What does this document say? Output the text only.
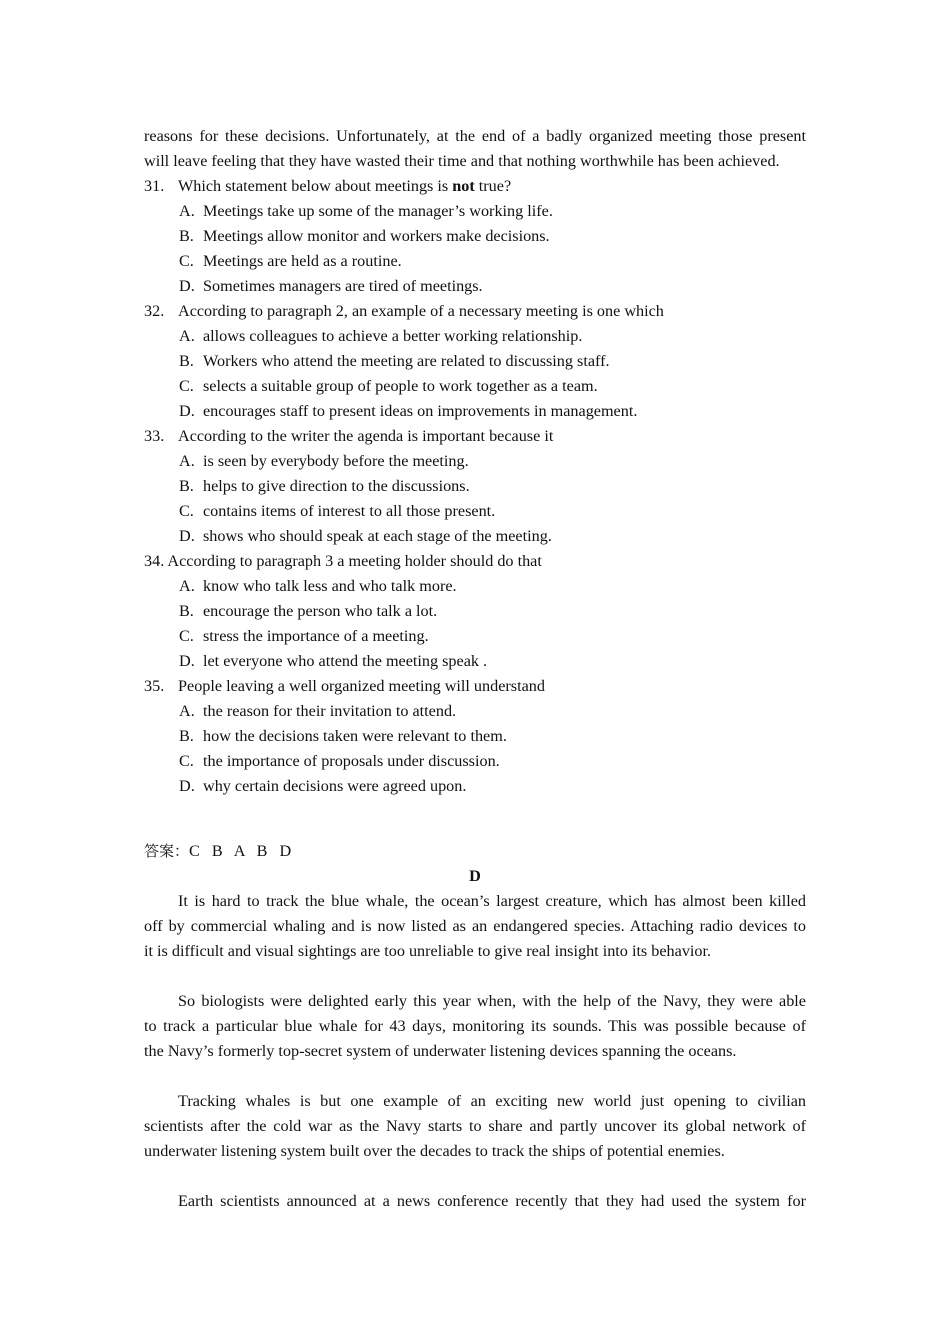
reasons for these decisions. Unfortunately, at the end of a badly organized meeting those present
will leave feeling that they have wasted their time and that nothing worthwhile has been achieved.
31. Which statement below about meetings is not true?
A. Meetings take up some of the manager’s working life.
B. Meetings allow monitor and workers make decisions.
C. Meetings are held as a routine.
D. Sometimes managers are tired of meetings.
32. According to paragraph 2, an example of a necessary meeting is one which
A. allows colleagues to achieve a better working relationship.
B. Workers who attend the meeting are related to discussing staff.
C. selects a suitable group of people to work together as a team.
D. encourages staff to present ideas on improvements in management.
33. According to the writer the agenda is important because it
A. is seen by everybody before the meeting.
B. helps to give direction to the discussions.
C. contains items of interest to all those present.
D. shows who should speak at each stage of the meeting.
34. According to paragraph 3 a meeting holder should do that
A. know who talk less and who talk more.
B. encourage the person who talk a lot.
C. stress the importance of a meeting.
D. let everyone who attend the meeting speak .
35. People leaving a well organized meeting will understand
A. the reason for their invitation to attend.
B. how the decisions taken were relevant to them.
C. the importance of proposals under discussion.
D. why certain decisions were agreed upon.
答案：C B A B D
D
It is hard to track the blue whale, the ocean’s largest creature, which has almost been killed
off by commercial whaling and is now listed as an endangered species. Attaching radio devices to
it is difficult and visual sightings are too unreliable to give real insight into its behavior.
So biologists were delighted early this year when, with the help of the Navy, they were able
to track a particular blue whale for 43 days, monitoring its sounds. This was possible because of
the Navy’s formerly top-secret system of underwater listening devices spanning the oceans.
Tracking whales is but one example of an exciting new world just opening to civilian
scientists after the cold war as the Navy starts to share and partly uncover its global network of
underwater listening system built over the decades to track the ships of potential enemies.
Earth scientists announced at a news conference recently that they had used the system for
